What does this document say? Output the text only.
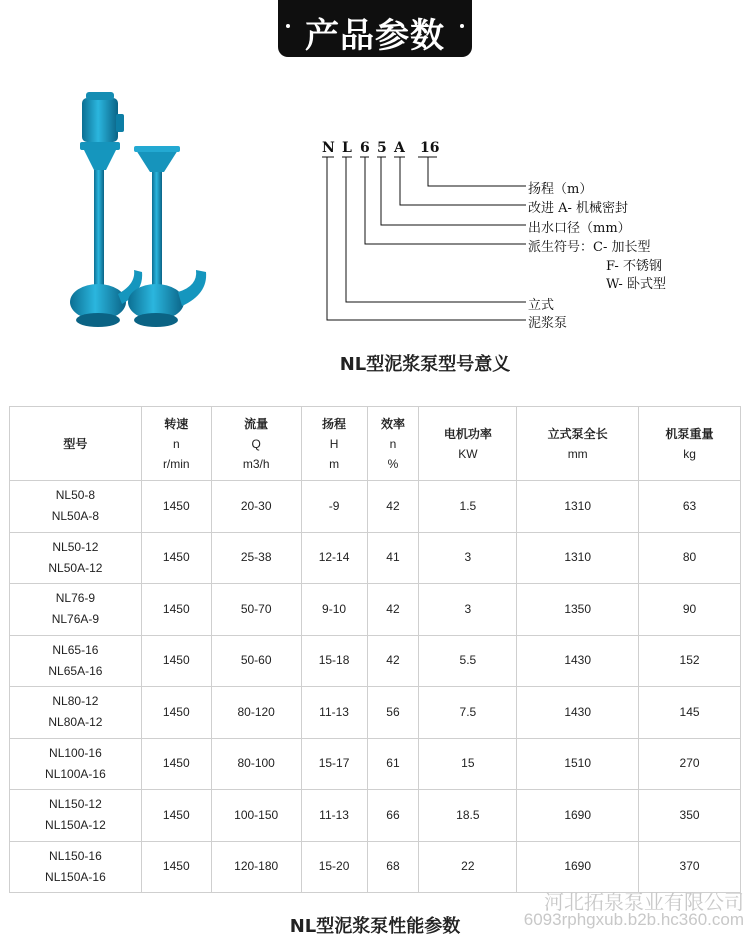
产品参数
N L 6 5 A 16
扬程（m）
改进 A- 机械密封
出水口径（mm）
派生符号：C- 加长型
F- 不锈钢
W- 卧式型
立式
泥浆泵
NL型泥浆泵型号意义
型号	转速
n
r/min	流量
Q
m3/h	扬程
H
m	效率
n
%	电机功率
KW	立式泵全长
mm	机泵重量
kg

NL50-8
NL50A-8	1450	20-30	-9	42	1.5	1310	63

NL50-12
NL50A-12	1450	25-38	12-14	41	3	1310	80

NL76-9
NL76A-9	1450	50-70	9-10	42	3	1350	90

NL65-16
NL65A-16	1450	50-60	15-18	42	5.5	1430	152

NL80-12
NL80A-12	1450	80-120	11-13	56	7.5	1430	145

NL100-16
NL100A-16	1450	80-100	15-17	61	15	1510	270

NL150-12
NL150A-12	1450	100-150	11-13	66	18.5	1690	350

NL150-16
NL150A-16	1450	120-180	15-20	68	22	1690	370
NL型泥浆泵性能参数
河北拓泉泵业有限公司
6093rphgxub.b2b.hc360.com
